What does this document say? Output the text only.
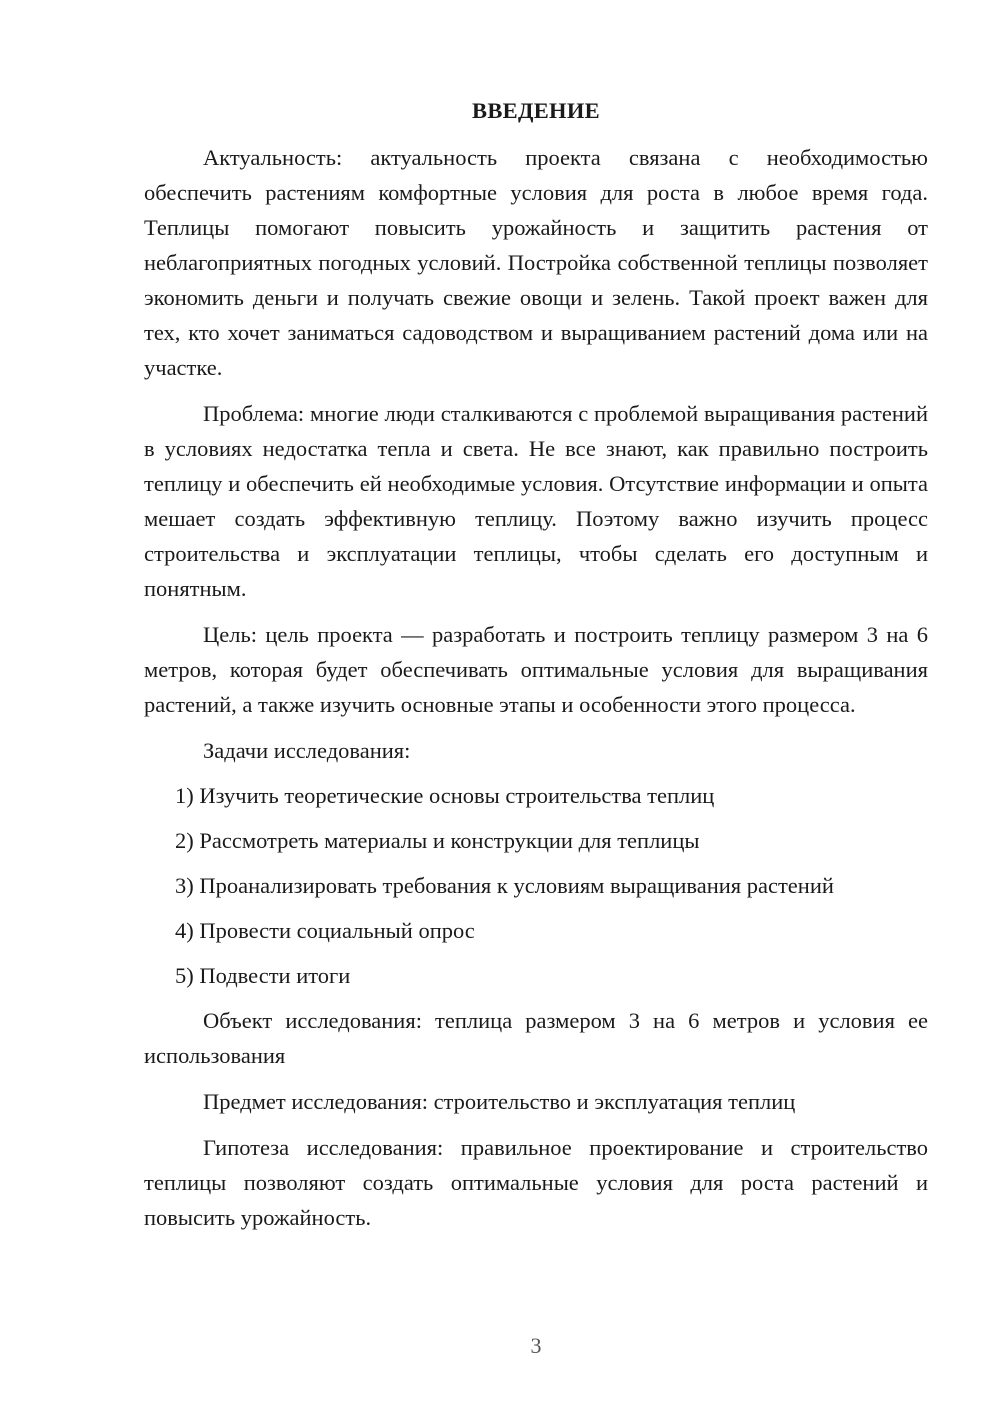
ВВЕДЕНИЕ

Актуальность: актуальность проекта связана с необходимостью обеспечить растениям комфортные условия для роста в любое время года. Теплицы помогают повысить урожайность и защитить растения от неблагоприятных погодных условий. Постройка собственной теплицы позволяет экономить деньги и получать свежие овощи и зелень. Такой проект важен для тех, кто хочет заниматься садоводством и выращиванием растений дома или на участке.

Проблема: многие люди сталкиваются с проблемой выращивания растений в условиях недостатка тепла и света. Не все знают, как правильно построить теплицу и обеспечить ей необходимые условия. Отсутствие информации и опыта мешает создать эффективную теплицу. Поэтому важно изучить процесс строительства и эксплуатации теплицы, чтобы сделать его доступным и понятным.

Цель: цель проекта — разработать и построить теплицу размером 3 на 6 метров, которая будет обеспечивать оптимальные условия для выращивания растений, а также изучить основные этапы и особенности этого процесса.

Задачи исследования:

1) Изучить теоретические основы строительства теплиц
2) Рассмотреть материалы и конструкции для теплицы
3) Проанализировать требования к условиям выращивания растений
4) Провести социальный опрос
5) Подвести итоги

Объект исследования: теплица размером 3 на 6 метров и условия ее использования

Предмет исследования: строительство и эксплуатация теплиц

Гипотеза исследования: правильное проектирование и строительство теплицы позволяют создать оптимальные условия для роста растений и повысить урожайность.

3
